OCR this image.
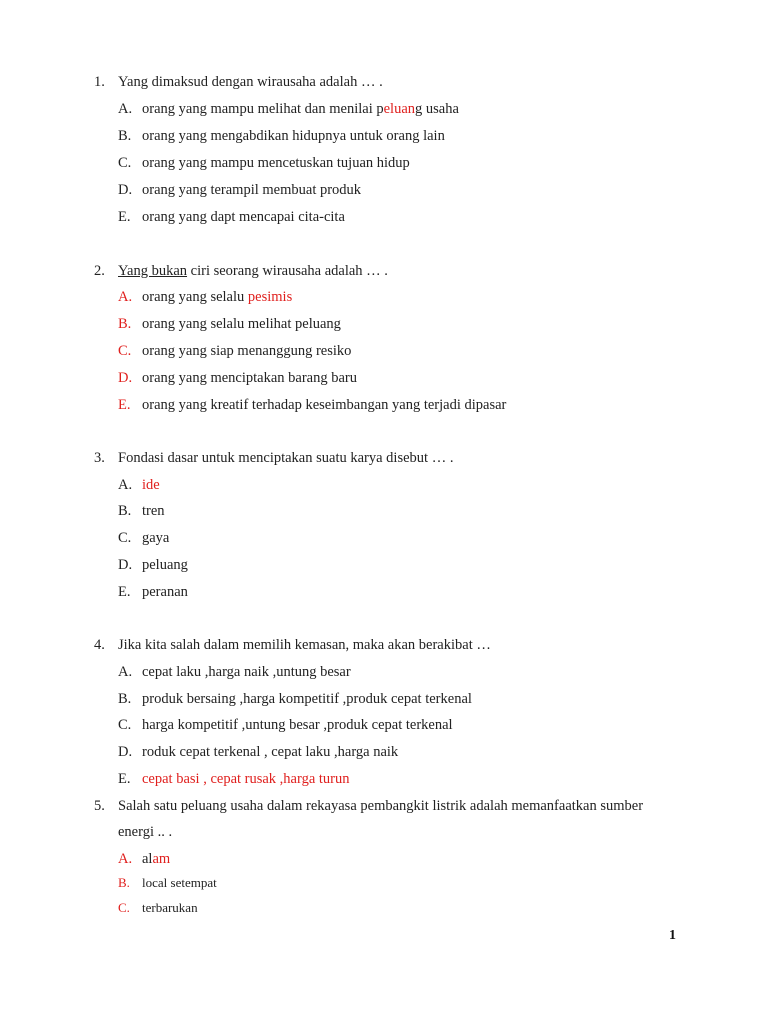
1. Yang dimaksud dengan wirausaha adalah … .
A. orang yang mampu melihat dan menilai peluang usaha
B. orang yang mengabdikan hidupnya untuk orang lain
C. orang yang mampu mencetuskan tujuan hidup
D. orang yang terampil membuat produk
E. orang yang dapt mencapai cita-cita
2. Yang bukan ciri seorang wirausaha adalah … .
A. orang yang selalu pesimis
B. orang yang selalu melihat peluang
C. orang yang siap menanggung resiko
D. orang yang menciptakan barang baru
E. orang yang kreatif terhadap keseimbangan yang terjadi dipasar
3. Fondasi dasar untuk menciptakan suatu karya disebut … .
A. ide
B. tren
C. gaya
D. peluang
E. peranan
4. Jika kita salah dalam memilih kemasan, maka akan berakibat …
A. cepat laku ,harga naik ,untung besar
B. produk bersaing ,harga kompetitif ,produk cepat terkenal
C. harga kompetitif ,untung besar ,produk cepat terkenal
D. roduk cepat terkenal , cepat laku ,harga naik
E. cepat basi , cepat rusak ,harga turun
5. Salah satu peluang usaha dalam rekayasa pembangkit listrik adalah memanfaatkan sumber
energi .. .
A. alam
B. local setempat
C. terbarukan
1
